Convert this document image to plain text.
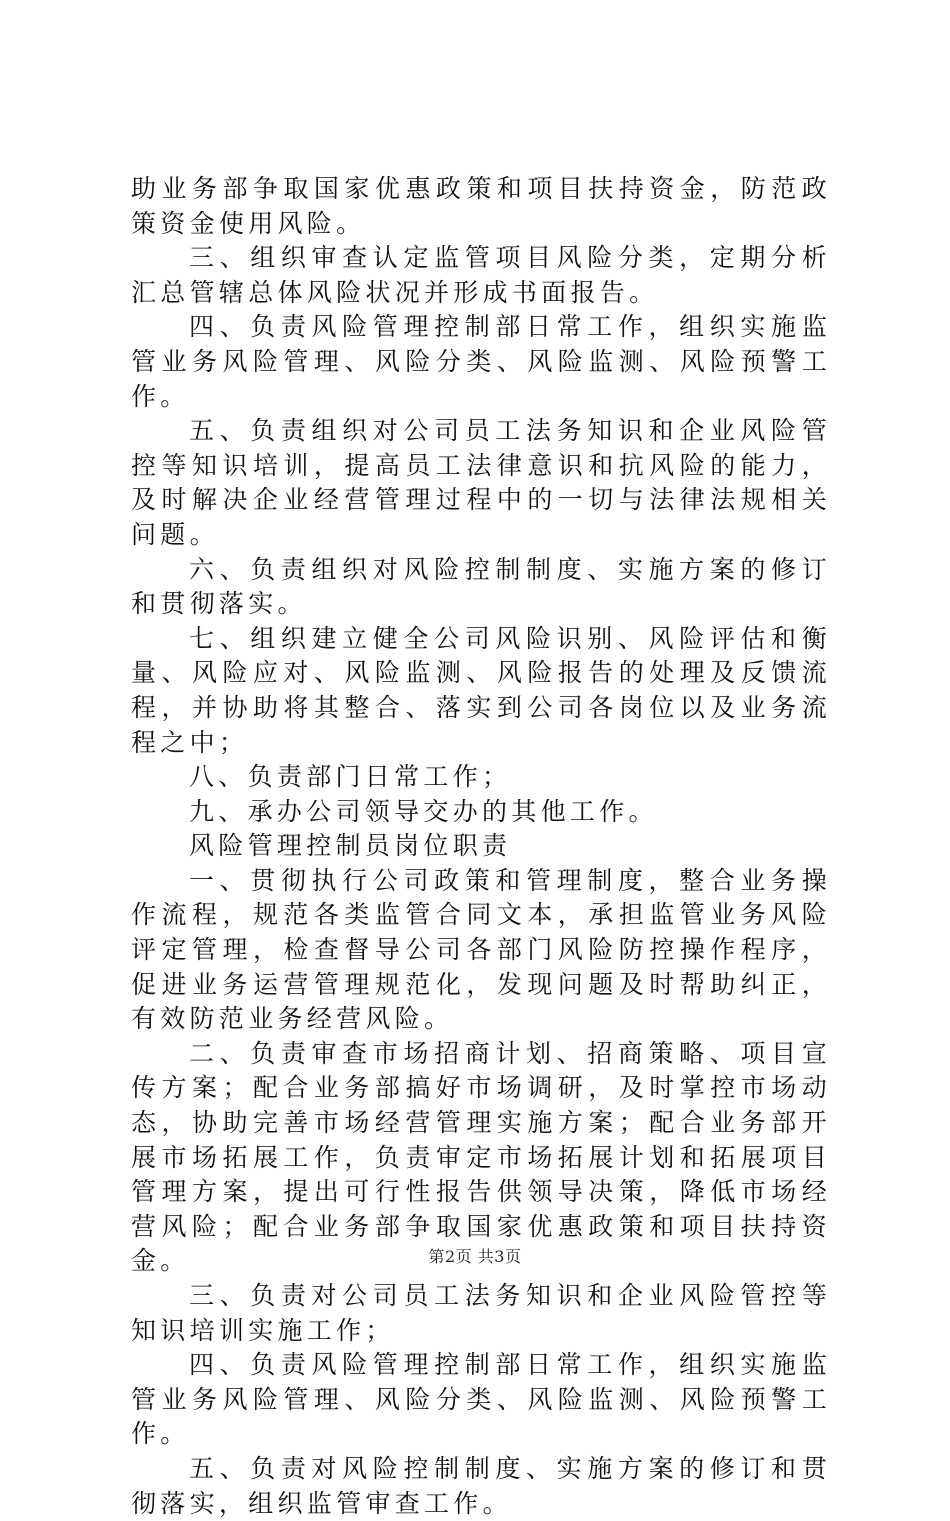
助业务部争取国家优惠政策和项目扶持资金，防范政策资金使用风险。

三、组织审查认定监管项目风险分类，定期分析汇总管辖总体风险状况并形成书面报告。

四、负责风险管理控制部日常工作，组织实施监管业务风险管理、风险分类、风险监测、风险预警工作。

五、负责组织对公司员工法务知识和企业风险管控等知识培训，提高员工法律意识和抗风险的能力，及时解决企业经营管理过程中的一切与法律法规相关问题。

六、负责组织对风险控制制度、实施方案的修订和贯彻落实。

七、组织建立健全公司风险识别、风险评估和衡量、风险应对、风险监测、风险报告的处理及反馈流程，并协助将其整合、落实到公司各岗位以及业务流程之中；

八、负责部门日常工作；

九、承办公司领导交办的其他工作。

风险管理控制员岗位职责

一、贯彻执行公司政策和管理制度，整合业务操作流程，规范各类监管合同文本，承担监管业务风险评定管理，检查督导公司各部门风险防控操作程序，促进业务运营管理规范化，发现问题及时帮助纠正，有效防范业务经营风险。

二、负责审查市场招商计划、招商策略、项目宣传方案；配合业务部搞好市场调研，及时掌控市场动态，协助完善市场经营管理实施方案；配合业务部开展市场拓展工作，负责审定市场拓展计划和拓展项目管理方案，提出可行性报告供领导决策，降低市场经营风险；配合业务部争取国家优惠政策和项目扶持资金。

三、负责对公司员工法务知识和企业风险管控等知识培训实施工作；

四、负责风险管理控制部日常工作，组织实施监管业务风险管理、风险分类、风险监测、风险预警工作。

五、负责对风险控制制度、实施方案的修订和贯彻落实，组织监管审查工作。

第2页 共3页
